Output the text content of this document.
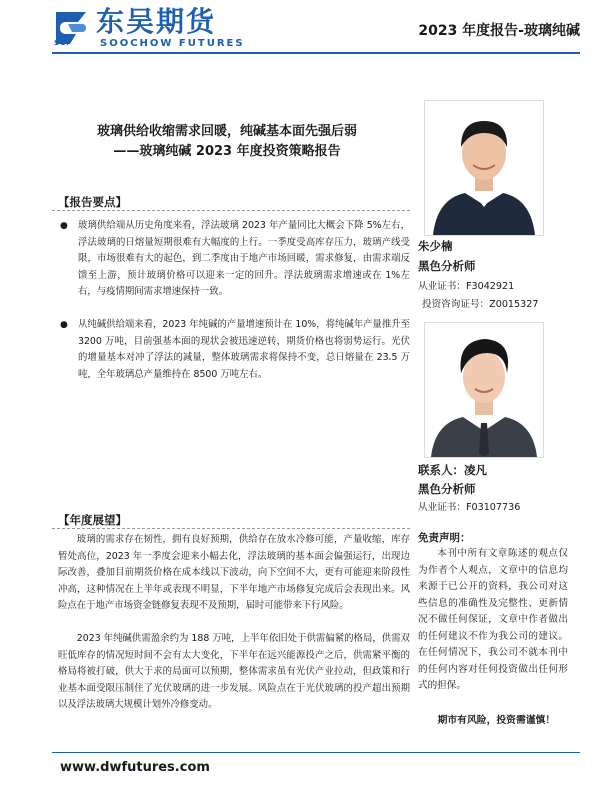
SCF
东吴期货
SOOCHOW FUTURES
2023 年度报告-玻璃纯碱
玻璃供给收缩需求回暖，纯碱基本面先强后弱
——玻璃纯碱 2023 年度投资策略报告
【报告要点】
● 玻璃供给端从历史角度来看，浮法玻璃 2023 年产量同比大概会下降 5%左右，浮法玻璃的日熔量短期很难有大幅度的上行。一季度受高库存压力，玻璃产线受限，市场很难有大的起色，到二季度由于地产市场回暖，需求修复，由需求端反馈至上游，预计玻璃价格可以迎来一定的回升。浮法玻璃需求增速或在 1%左右，与疫情期间需求增速保持一致。
● 从纯碱供给端来看，2023 年纯碱的产量增速预计在 10%，将纯碱年产量推升至 3200 万吨，目前强基本面的现状会被迅速逆转，期货价格也将弱势运行。光伏的增量基本对冲了浮法的减量，整体玻璃需求将保持不变，总日熔量在 23.5 万吨，全年玻璃总产量维持在 8500 万吨左右。
【年度展望】
玻璃的需求存在韧性，拥有良好预期，供给存在放水冷修可能，产量收缩，库存暂处高位，2023 年一季度会迎来小幅去化，浮法玻璃的基本面会偏强运行，出现边际改善，叠加目前期货价格在成本线以下波动，向下空间不大，更有可能迎来阶段性冲高，这种情况在上半年或表现不明显，下半年地产市场修复完成后会表现出来。风险点在于地产市场资金链修复表现不及预期，届时可能带来下行风险。
2023 年纯碱供需盈余约为 188 万吨，上半年依旧处于供需偏紧的格局，供需双旺低库存的情况短时间不会有太大变化，下半年在远兴能源投产之后，供需紧平衡的格局将被打破，供大于求的局面可以预期，整体需求虽有光伏产业拉动，但政策和行业基本面受限压制住了光伏玻璃的进一步发展。风险点在于光伏玻璃的投产超出预期以及浮法玻璃大规模计划外冷修变动。
朱少楠
黑色分析师
从业证书：F3042921
投资咨询证号：Z0015327
联系人：凌凡
黑色分析师
从业证书：F03107736
免责声明：
本刊中所有文章陈述的观点仅为作者个人观点，文章中的信息均来源于已公开的资料，我公司对这些信息的准确性及完整性、更新情况不做任何保证，文章中作者做出的任何建议不作为我公司的建议。在任何情况下，我公司不就本刊中的任何内容对任何投资做出任何形式的担保。
期市有风险，投资需谨慎！
www.dwfutures.com
